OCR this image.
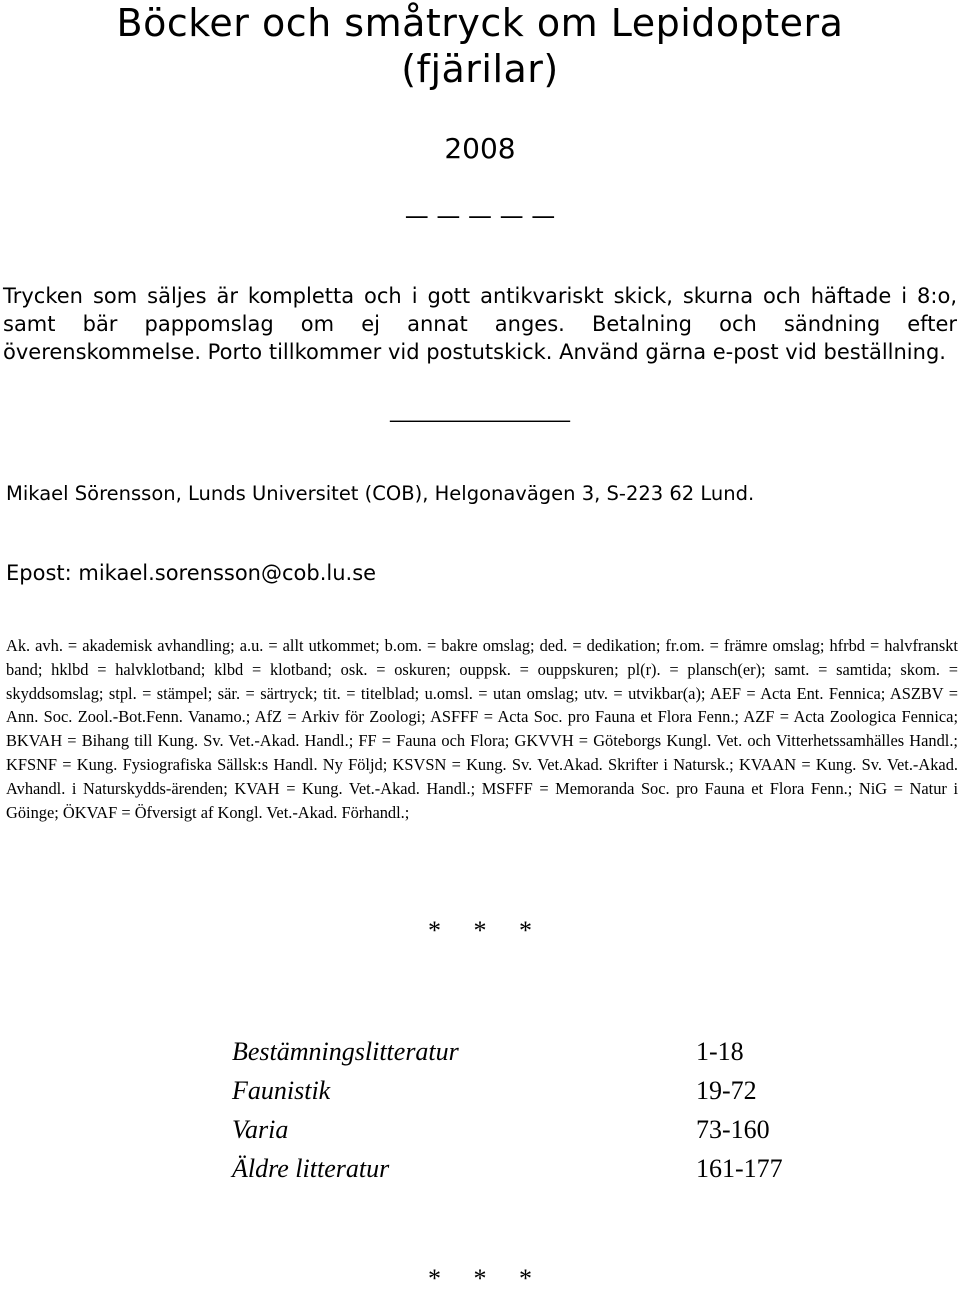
Böcker och småtryck om Lepidoptera
(fjärilar)
2008
— — — — —

Trycken som säljes är kompletta och i gott antikvariskt skick, skurna och häftade i 8:o, samt bär pappomslag om ej annat anges. Betalning och sändning efter överenskommelse. Porto tillkommer vid postutskick. Använd gärna e-post vid beställning.

__________________
Mikael Sörensson, Lunds Universitet (COB), Helgonavägen 3, S-223 62 Lund.
Epost: mikael.sorensson@cob.lu.se

Ak. avh. = akademisk avhandling; a.u. = allt utkommet; b.om. = bakre omslag; ded. = dedikation; fr.om. = främre omslag; hfrbd = halvfranskt band; hklbd = halvklotband; klbd = klotband; osk. = oskuren; ouppsk. = ouppskuren; pl(r). = plansch(er); samt. = samtida; skom. = skyddsomslag; stpl. = stämpel; sär. = särtryck; tit. = titelblad; u.omsl. = utan omslag; utv. = utvikbar(a); AEF = Acta Ent. Fennica; ASZBV = Ann. Soc. Zool.-Bot.Fenn. Vanamo.; AfZ = Arkiv för Zoologi; ASFFF = Acta Soc. pro Fauna et Flora Fenn.; AZF = Acta Zoologica Fennica; BKVAH = Bihang till Kung. Sv. Vet.-Akad. Handl.; FF = Fauna och Flora; GKVVH = Göteborgs Kungl. Vet. och Vitterhetssamhälles Handl.; KFSNF = Kung. Fysiografiska Sällsk:s Handl. Ny Följd; KSVSN = Kung. Sv. Vet.Akad. Skrifter i Natursk.; KVAAN = Kung. Sv. Vet.-Akad. Avhandl. i Naturskydds-ärenden; KVAH = Kung. Vet.-Akad. Handl.; MSFFF = Memoranda Soc. pro Fauna et Flora Fenn.; NiG = Natur i Göinge; ÖKVAF = Öfversigt af Kongl. Vet.-Akad. Förhandl.;

* * *
Bestämningslitteratur	1-18
Faunistik	19-72
Varia	73-160
Äldre litteratur	161-177
* * *
